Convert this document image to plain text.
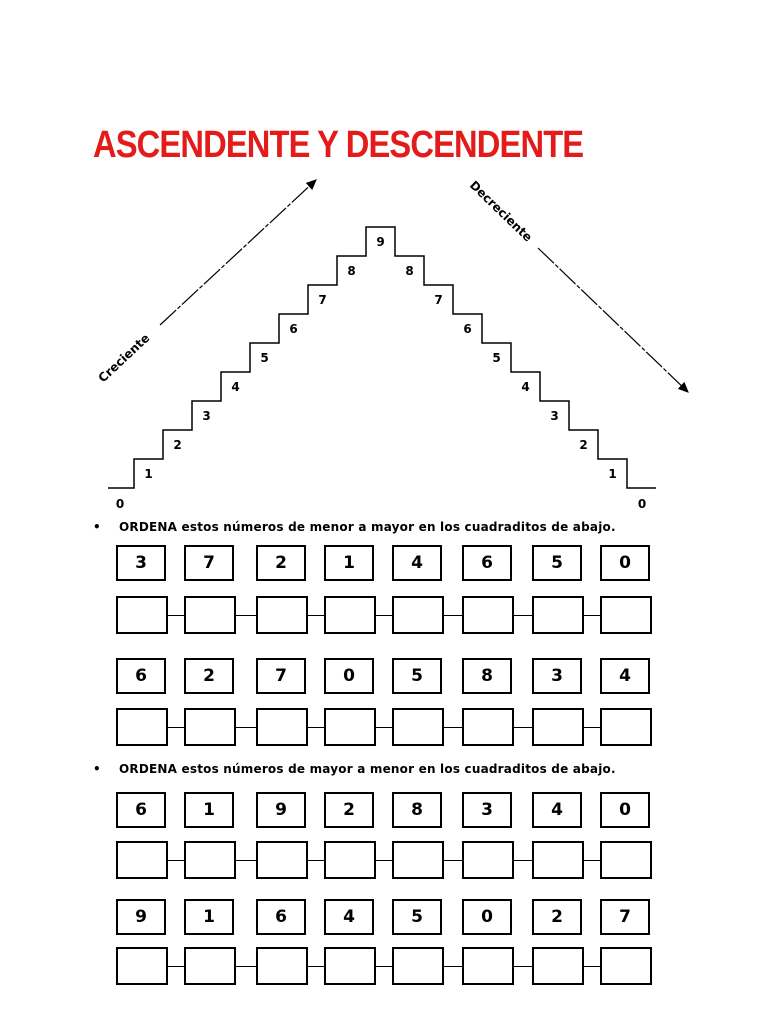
ASCENDENTE Y DESCENDENTE
0
1
2
3
4
5
6
7
8
9
8
7
6
5
4
3
2
1
0
Creciente
Decreciente
• ORDENA estos números de menor a mayor en los cuadraditos de abajo.
• ORDENA estos números de mayor a menor en los cuadraditos de abajo.
3	7	2	1	4	6	5	0
6	2	7	0	5	8	3	4
6	1	9	2	8	3	4	0
9	1	6	4	5	0	2	7
